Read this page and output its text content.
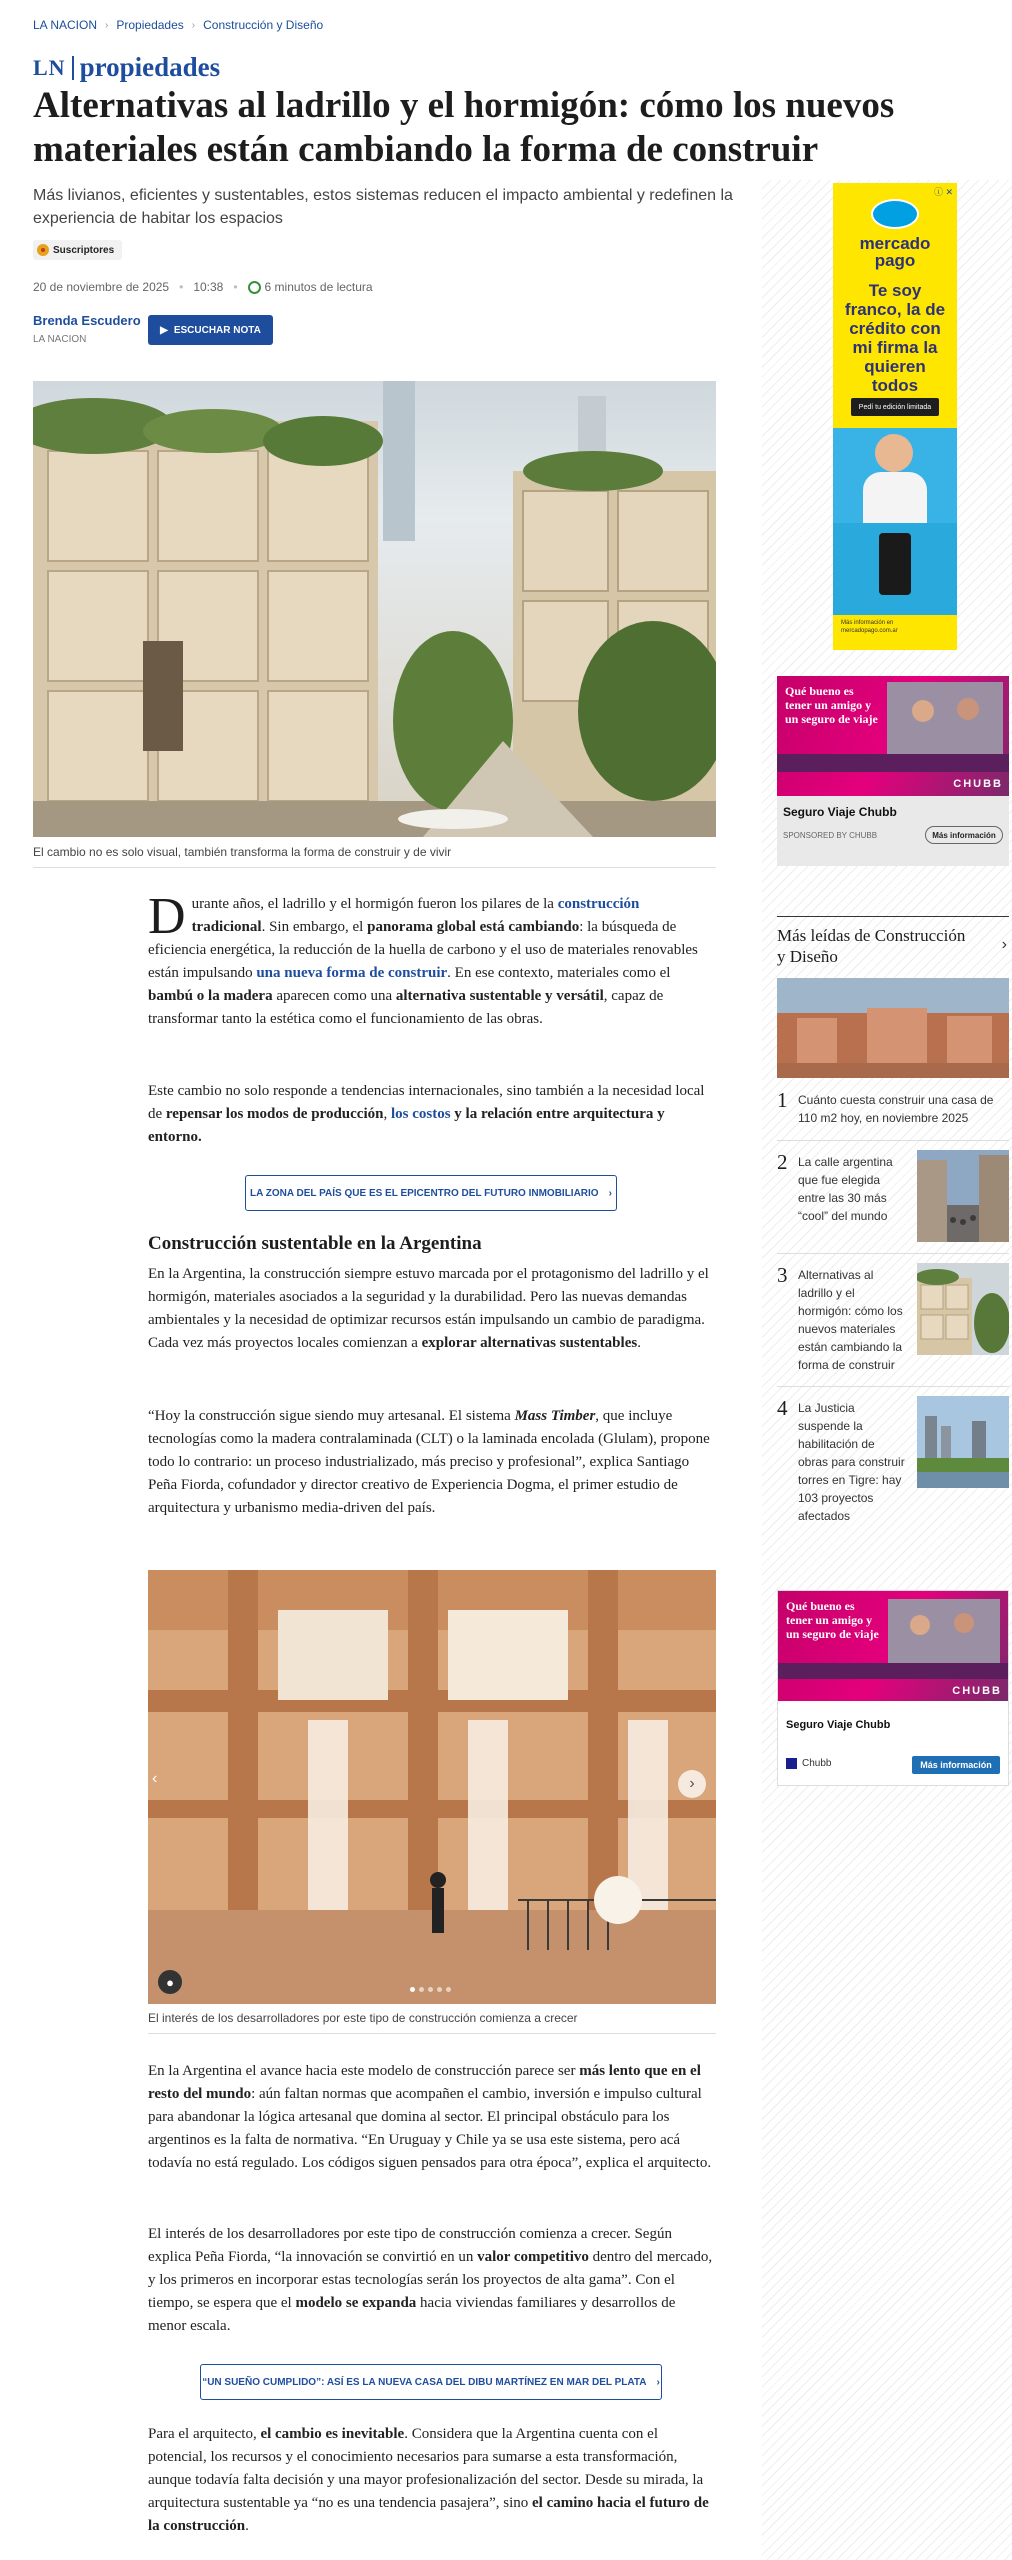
LA NACION › Propiedades › Construcción y Diseño
LN propiedades
Alternativas al ladrillo y el hormigón: cómo los nuevos materiales están cambiando la forma de construir

Más livianos, eficientes y sustentables, estos sistemas reducen el impacto ambiental y redefinen la experiencia de habitar los espacios

Suscriptores
20 de noviembre de 2025 • 10:38 • 6 minutos de lectura
Brenda Escudero
LA NACION
▶ ESCUCHAR NOTA
El cambio no es solo visual, también transforma la forma de construir y de vivir
Durante años, el ladrillo y el hormigón fueron los pilares de la construcción tradicional. Sin embargo, el panorama global está cambiando: la búsqueda de eficiencia energética, la reducción de la huella de carbono y el uso de materiales renovables están impulsando una nueva forma de construir. En ese contexto, materiales como el bambú o la madera aparecen como una alternativa sustentable y versátil, capaz de transformar tanto la estética como el funcionamiento de las obras.
Este cambio no solo responde a tendencias internacionales, sino también a la necesidad local de repensar los modos de producción, los costos y la relación entre arquitectura y entorno.
LA ZONA DEL PAÍS QUE ES EL EPICENTRO DEL FUTURO INMOBILIARIO ›
Construcción sustentable en la Argentina
En la Argentina, la construcción siempre estuvo marcada por el protagonismo del ladrillo y el hormigón, materiales asociados a la seguridad y la durabilidad. Pero las nuevas demandas ambientales y la necesidad de optimizar recursos están impulsando un cambio de paradigma. Cada vez más proyectos locales comienzan a explorar alternativas sustentables.
“Hoy la construcción sigue siendo muy artesanal. El sistema Mass Timber, que incluye tecnologías como la madera contralaminada (CLT) o la laminada encolada (Glulam), propone todo lo contrario: un proceso industrializado, más preciso y profesional”, explica Santiago Peña Fiorda, cofundador y director creativo de Experiencia Dogma, el primer estudio de arquitectura y urbanismo media-driven del país.
›
‹
●
El interés de los desarrolladores por este tipo de construcción comienza a crecer
En la Argentina el avance hacia este modelo de construcción parece ser más lento que en el resto del mundo: aún faltan normas que acompañen el cambio, inversión e impulso cultural para abandonar la lógica artesanal que domina al sector. El principal obstáculo para los argentinos es la falta de normativa. “En Uruguay y Chile ya se usa este sistema, pero acá todavía no está regulado. Los códigos siguen pensados para otra época”, explica el arquitecto.
El interés de los desarrolladores por este tipo de construcción comienza a crecer. Según explica Peña Fiorda, “la innovación se convirtió en un valor competitivo dentro del mercado, y los primeros en incorporar estas tecnologías serán los proyectos de alta gama”. Con el tiempo, se espera que el modelo se expanda hacia viviendas familiares y desarrollos de menor escala.
“UN SUEÑO CUMPLIDO”: ASÍ ES LA NUEVA CASA DEL DIBU MARTÍNEZ EN MAR DEL PLATA ›
Para el arquitecto, el cambio es inevitable. Considera que la Argentina cuenta con el potencial, los recursos y el conocimiento necesarios para sumarse a esta transformación, aunque todavía falta decisión y una mayor profesionalización del sector. Desde su mirada, la arquitectura sustentable ya “no es una tendencia pasajera”, sino el camino hacia el futuro de la construcción.
ⓘ ✕
mercado
pago
Te soy franco, la de crédito con mi firma la quieren todos
Pedí tu edición limitada
Más información en mercadopago.com.ar
Qué bueno es tener un amigo y un seguro de viaje
CHUBB
Seguro Viaje Chubb
SPONSORED BY CHUBB	Más información
Más leídas de Construcción y Diseño
›
1 Cuánto cuesta construir una casa de 110 m2 hoy, en noviembre 2025
2 La calle argentina que fue elegida entre las 30 más “cool” del mundo
3 Alternativas al ladrillo y el hormigón: cómo los nuevos materiales están cambiando la forma de construir
4 La Justicia suspende la habilitación de obras para construir torres en Tigre: hay 103 proyectos afectados
Qué bueno es tener un amigo y un seguro de viaje
CHUBB
Seguro Viaje Chubb
Chubb	Más información
